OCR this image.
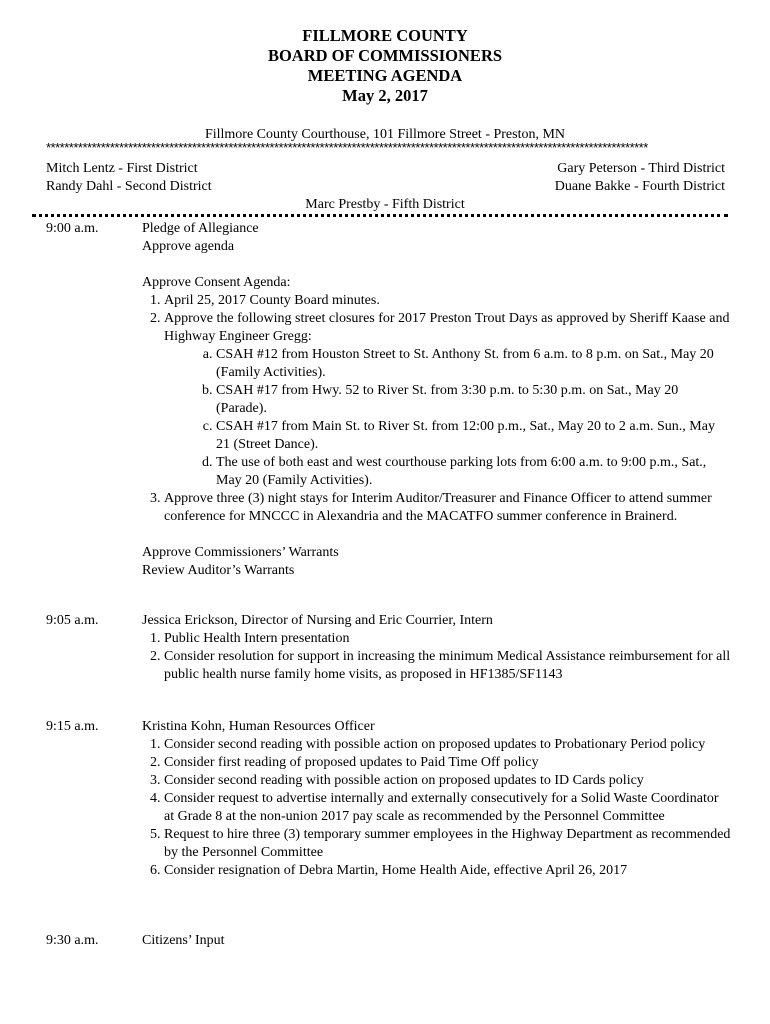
FILLMORE COUNTY
BOARD OF COMMISSIONERS
MEETING AGENDA
May 2, 2017
Fillmore County Courthouse, 101 Fillmore Street - Preston, MN
************************************************************************************************************************************
Mitch Lentz - First District
Randy Dahl - Second District
Gary Peterson - Third District
Duane Bakke - Fourth District
Marc Prestby - Fifth District
9:00 a.m.	Pledge of Allegiance
Approve agenda
Approve Consent Agenda:
1. April 25, 2017 County Board minutes.
2. Approve the following street closures for 2017 Preston Trout Days as approved by Sheriff Kaase and Highway Engineer Gregg:
a. CSAH #12 from Houston Street to St. Anthony St. from 6 a.m. to 8 p.m. on Sat., May 20 (Family Activities).
b. CSAH #17 from Hwy. 52 to River St. from 3:30 p.m. to 5:30 p.m. on Sat., May 20 (Parade).
c. CSAH #17 from Main St. to River St. from 12:00 p.m., Sat., May 20 to 2 a.m. Sun., May 21 (Street Dance).
d. The use of both east and west courthouse parking lots from 6:00 a.m. to 9:00 p.m., Sat., May 20 (Family Activities).
3. Approve three (3) night stays for Interim Auditor/Treasurer and Finance Officer to attend summer conference for MNCCC in Alexandria and the MACATFO summer conference in Brainerd.
Approve Commissioners’ Warrants
Review Auditor’s Warrants
9:05 a.m.	Jessica Erickson, Director of Nursing and Eric Courrier, Intern
1. Public Health Intern presentation
2. Consider resolution for support in increasing the minimum Medical Assistance reimbursement for all public health nurse family home visits, as proposed in HF1385/SF1143
9:15 a.m.	Kristina Kohn, Human Resources Officer
1. Consider second reading with possible action on proposed updates to Probationary Period policy
2. Consider first reading of proposed updates to Paid Time Off policy
3. Consider second reading with possible action on proposed updates to ID Cards policy
4. Consider request to advertise internally and externally consecutively for a Solid Waste Coordinator at Grade 8 at the non-union 2017 pay scale as recommended by the Personnel Committee
5. Request to hire three (3) temporary summer employees in the Highway Department as recommended by the Personnel Committee
6. Consider resignation of Debra Martin, Home Health Aide, effective April 26, 2017
9:30 a.m.	Citizens’ Input
